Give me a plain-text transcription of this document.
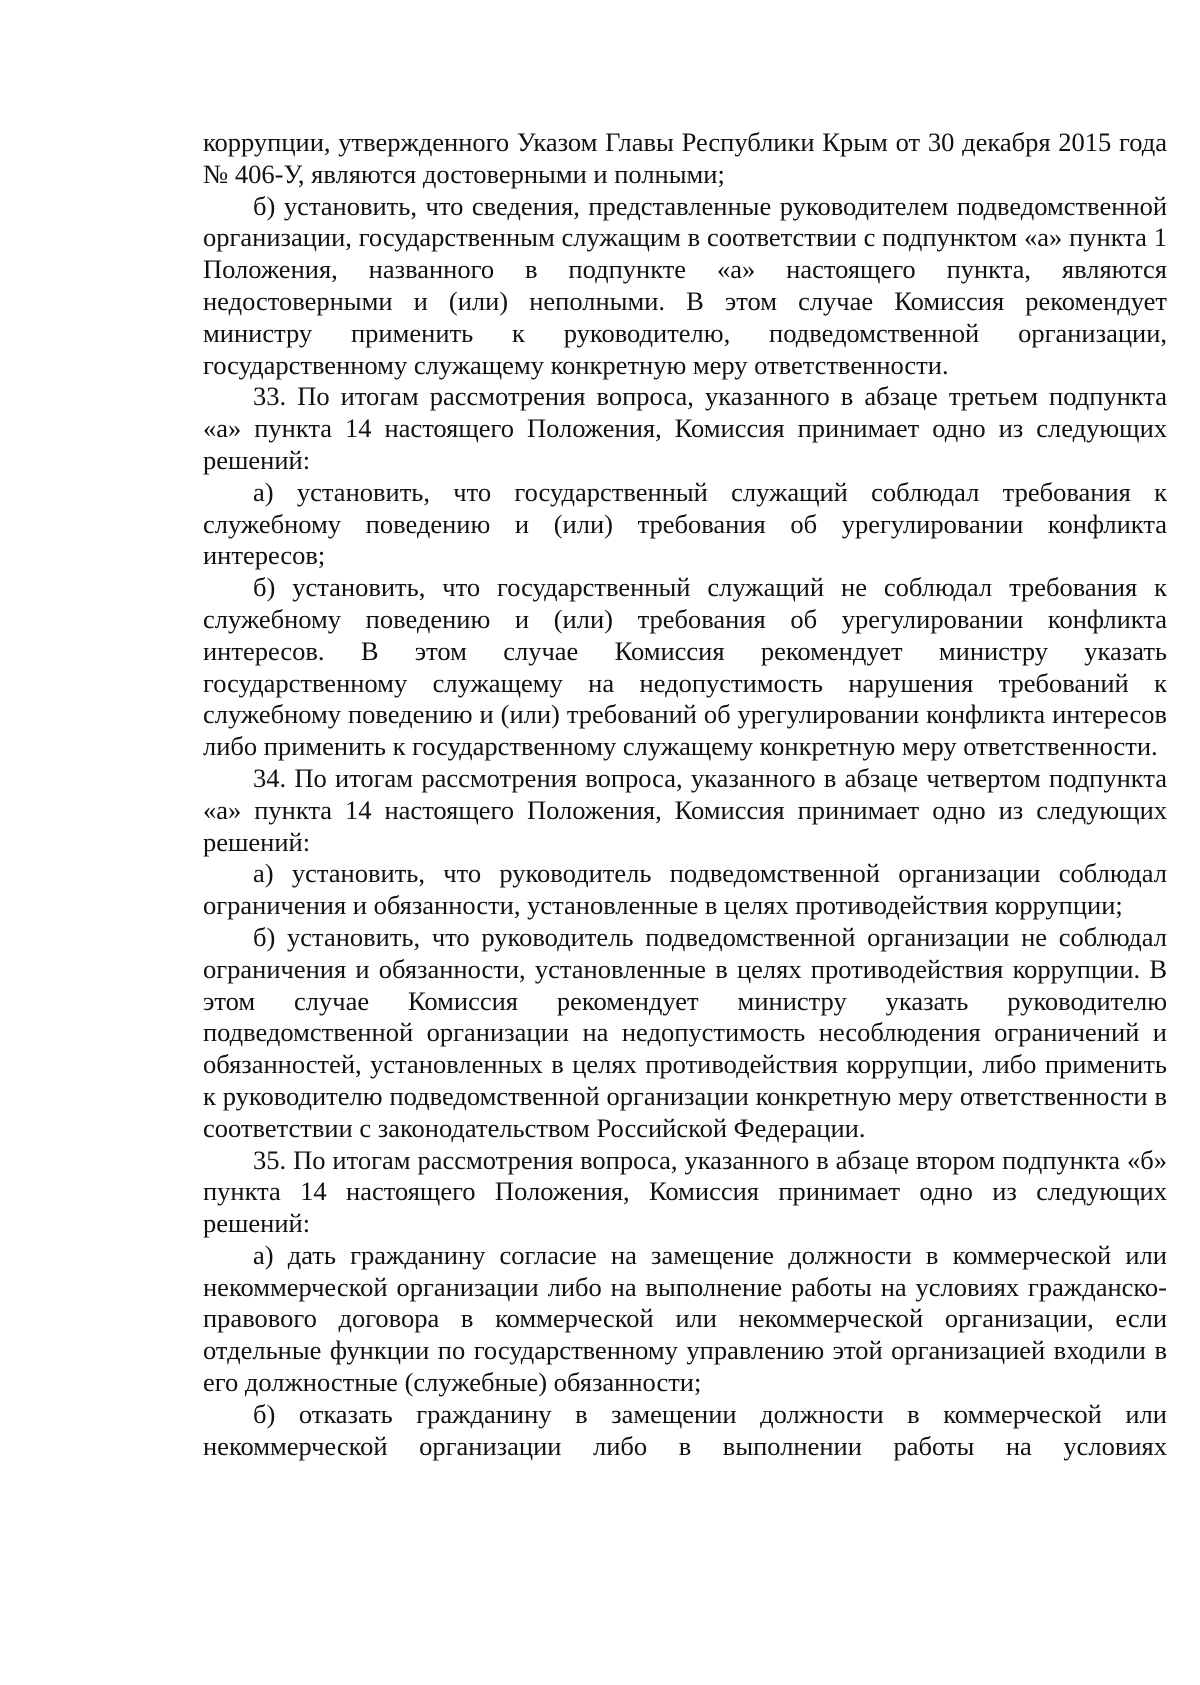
коррупции, утвержденного Указом Главы Республики Крым от 30 декабря 2015 года № 406-У, являются достоверными и полными;

б) установить, что сведения, представленные руководителем подведомственной организации, государственным служащим в соответствии с подпунктом «а» пункта 1 Положения, названного в подпункте «а» настоящего пункта, являются недостоверными и (или) неполными. В этом случае Комиссия рекомендует министру применить к руководителю, подведомственной организации, государственному служащему конкретную меру ответственности.

33. По итогам рассмотрения вопроса, указанного в абзаце третьем подпункта «а» пункта 14 настоящего Положения, Комиссия принимает одно из следующих решений:

а) установить, что государственный служащий соблюдал требования к служебному поведению и (или) требования об урегулировании конфликта интересов;

б) установить, что государственный служащий не соблюдал требования к служебному поведению и (или) требования об урегулировании конфликта интересов. В этом случае Комиссия рекомендует министру указать государственному служащему на недопустимость нарушения требований к служебному поведению и (или) требований об урегулировании конфликта интересов либо применить к государственному служащему конкретную меру ответственности.

34. По итогам рассмотрения вопроса, указанного в абзаце четвертом подпункта «а» пункта 14 настоящего Положения, Комиссия принимает одно из следующих решений:

а) установить, что руководитель подведомственной организации соблюдал ограничения и обязанности, установленные в целях противодействия коррупции;

б) установить, что руководитель подведомственной организации не соблюдал ограничения и обязанности, установленные в целях противодействия коррупции. В этом случае Комиссия рекомендует министру указать руководителю подведомственной организации на недопустимость несоблюдения ограничений и обязанностей, установленных в целях противодействия коррупции, либо применить к руководителю подведомственной организации конкретную меру ответственности в соответствии с законодательством Российской Федерации.

35. По итогам рассмотрения вопроса, указанного в абзаце втором подпункта «б» пункта 14 настоящего Положения, Комиссия принимает одно из следующих решений:

а) дать гражданину согласие на замещение должности в коммерческой или некоммерческой организации либо на выполнение работы на условиях гражданско-правового договора в коммерческой или некоммерческой организации, если отдельные функции по государственному управлению этой организацией входили в его должностные (служебные) обязанности;

б) отказать гражданину в замещении должности в коммерческой или некоммерческой организации либо в выполнении работы на условиях
